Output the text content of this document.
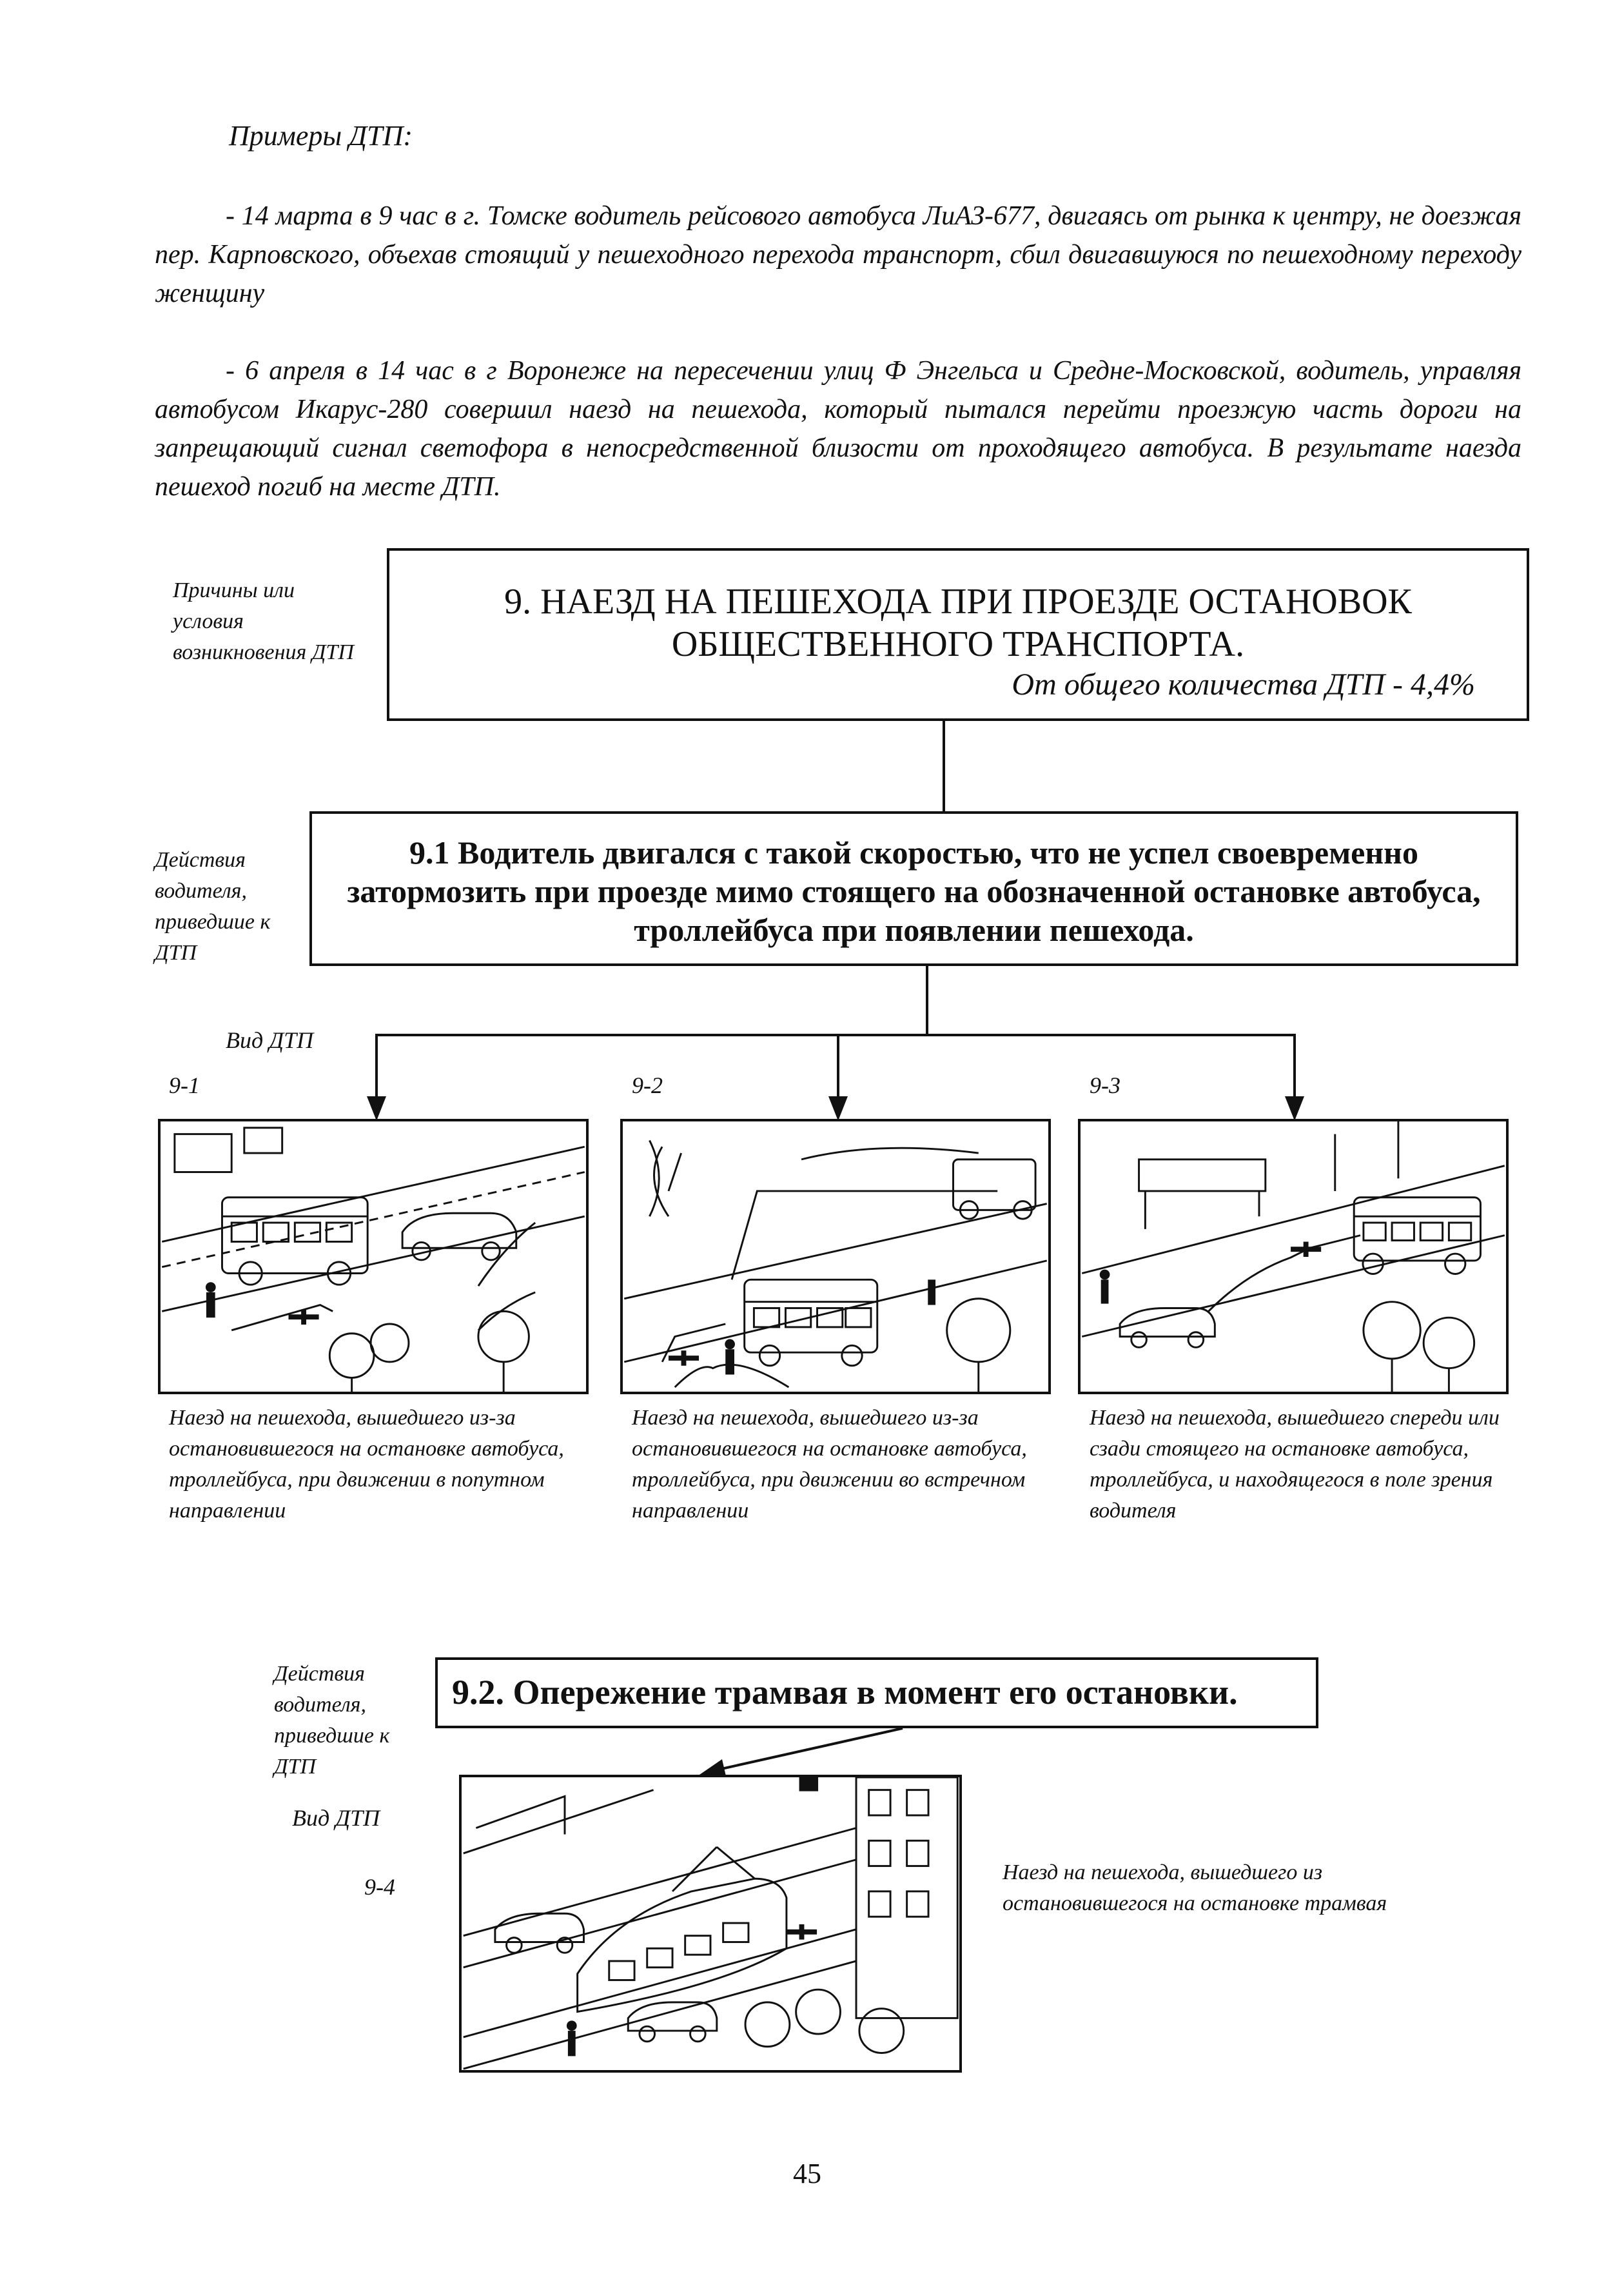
Примеры ДТП:
- 14 марта в 9 час в г. Томске водитель рейсового автобуса ЛиАЗ-677, двигаясь от рынка к центру, не доезжая пер. Карповского, объехав стоящий у пешеходного перехода транспорт, сбил двигавшуюся по пешеходному переходу женщину
- 6 апреля в 14 час в г Воронеже на пересечении улиц Ф Энгельса и Средне-Московской, водитель, управляя автобусом Икарус-280 совершил наезд на пешехода, который пытался перейти проезжую часть дороги на запрещающий сигнал светофора в непосредственной близости от проходящего автобуса. В результате наезда пешеход погиб на месте ДТП.
Причины или условия возникновения ДТП
9. НАЕЗД НА ПЕШЕХОДА ПРИ ПРОЕЗДЕ ОСТАНОВОК
ОБЩЕСТВЕННОГО ТРАНСПОРТА.
От общего количества ДТП - 4,4%
Действия водителя, приведшие к ДТП
9.1 Водитель двигался с такой скоростью, что не успел своевременно затормозить при проезде мимо стоящего на обозначенной остановке автобуса, троллейбуса при появлении пешехода.
Вид ДТП
9-1	9-2	9-3
Наезд на пешехода, вышедшего из-за остановившегося на остановке автобуса, троллейбуса, при движении в попутном направлении
Наезд на пешехода, вышедшего из-за остановившегося на остановке автобуса, троллейбуса, при движении во встречном направлении
Наезд на пешехода, вышедшего спереди или сзади стоящего на остановке автобуса, троллейбуса, и находящегося в поле зрения водителя
Действия водителя, приведшие к ДТП
9.2. Опережение трамвая в момент его остановки.
Вид ДТП
9-4
Наезд на пешехода, вышедшего из остановившегося на остановке трамвая
45
